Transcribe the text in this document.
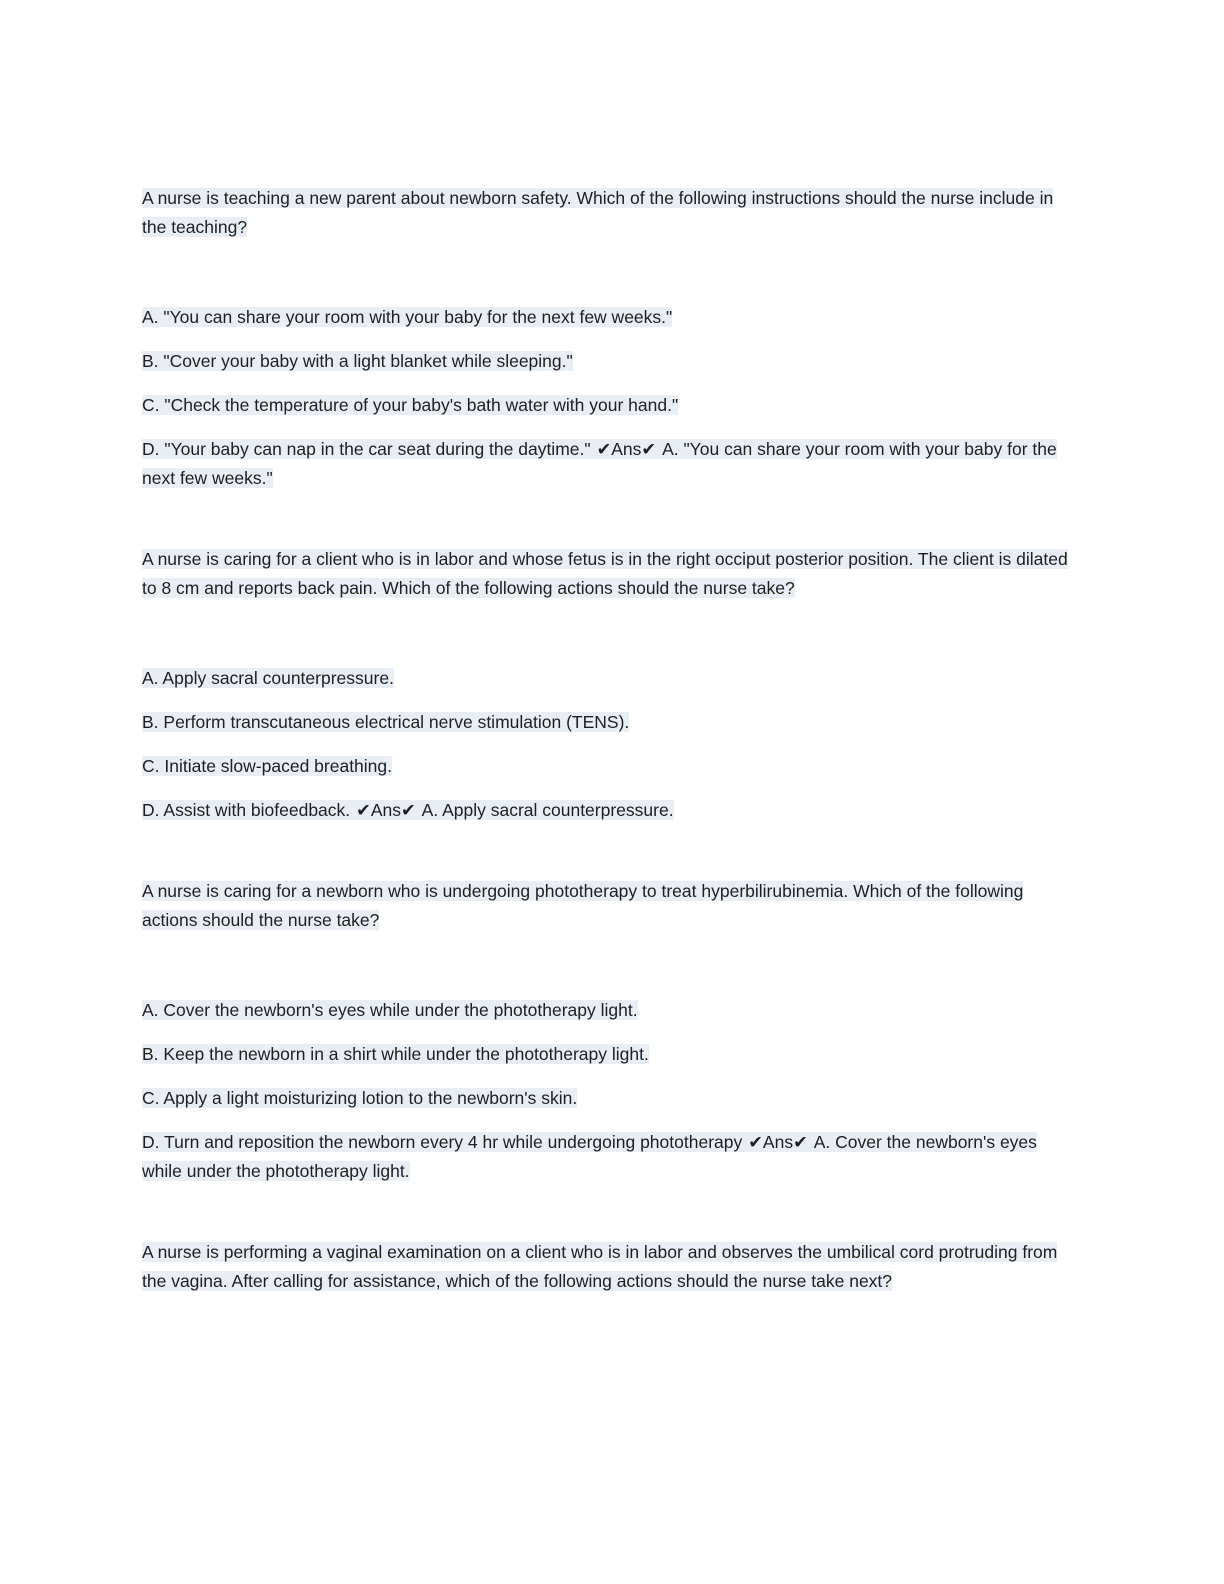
A nurse is teaching a new parent about newborn safety. Which of the following instructions should the nurse include in the teaching?

A. "You can share your room with your baby for the next few weeks."

B. "Cover your baby with a light blanket while sleeping."

C. "Check the temperature of your baby's bath water with your hand."

D. "Your baby can nap in the car seat during the daytime." ✔Ans✔ A. "You can share your room with your baby for the next few weeks."

A nurse is caring for a client who is in labor and whose fetus is in the right occiput posterior position. The client is dilated to 8 cm and reports back pain. Which of the following actions should the nurse take?

A. Apply sacral counterpressure.

B. Perform transcutaneous electrical nerve stimulation (TENS).

C. Initiate slow-paced breathing.

D. Assist with biofeedback. ✔Ans✔ A. Apply sacral counterpressure.

A nurse is caring for a newborn who is undergoing phototherapy to treat hyperbilirubinemia. Which of the following actions should the nurse take?

A. Cover the newborn's eyes while under the phototherapy light.

B. Keep the newborn in a shirt while under the phototherapy light.

C. Apply a light moisturizing lotion to the newborn's skin.

D. Turn and reposition the newborn every 4 hr while undergoing phototherapy ✔Ans✔ A. Cover the newborn's eyes while under the phototherapy light.

A nurse is performing a vaginal examination on a client who is in labor and observes the umbilical cord protruding from the vagina. After calling for assistance, which of the following actions should the nurse take next?
